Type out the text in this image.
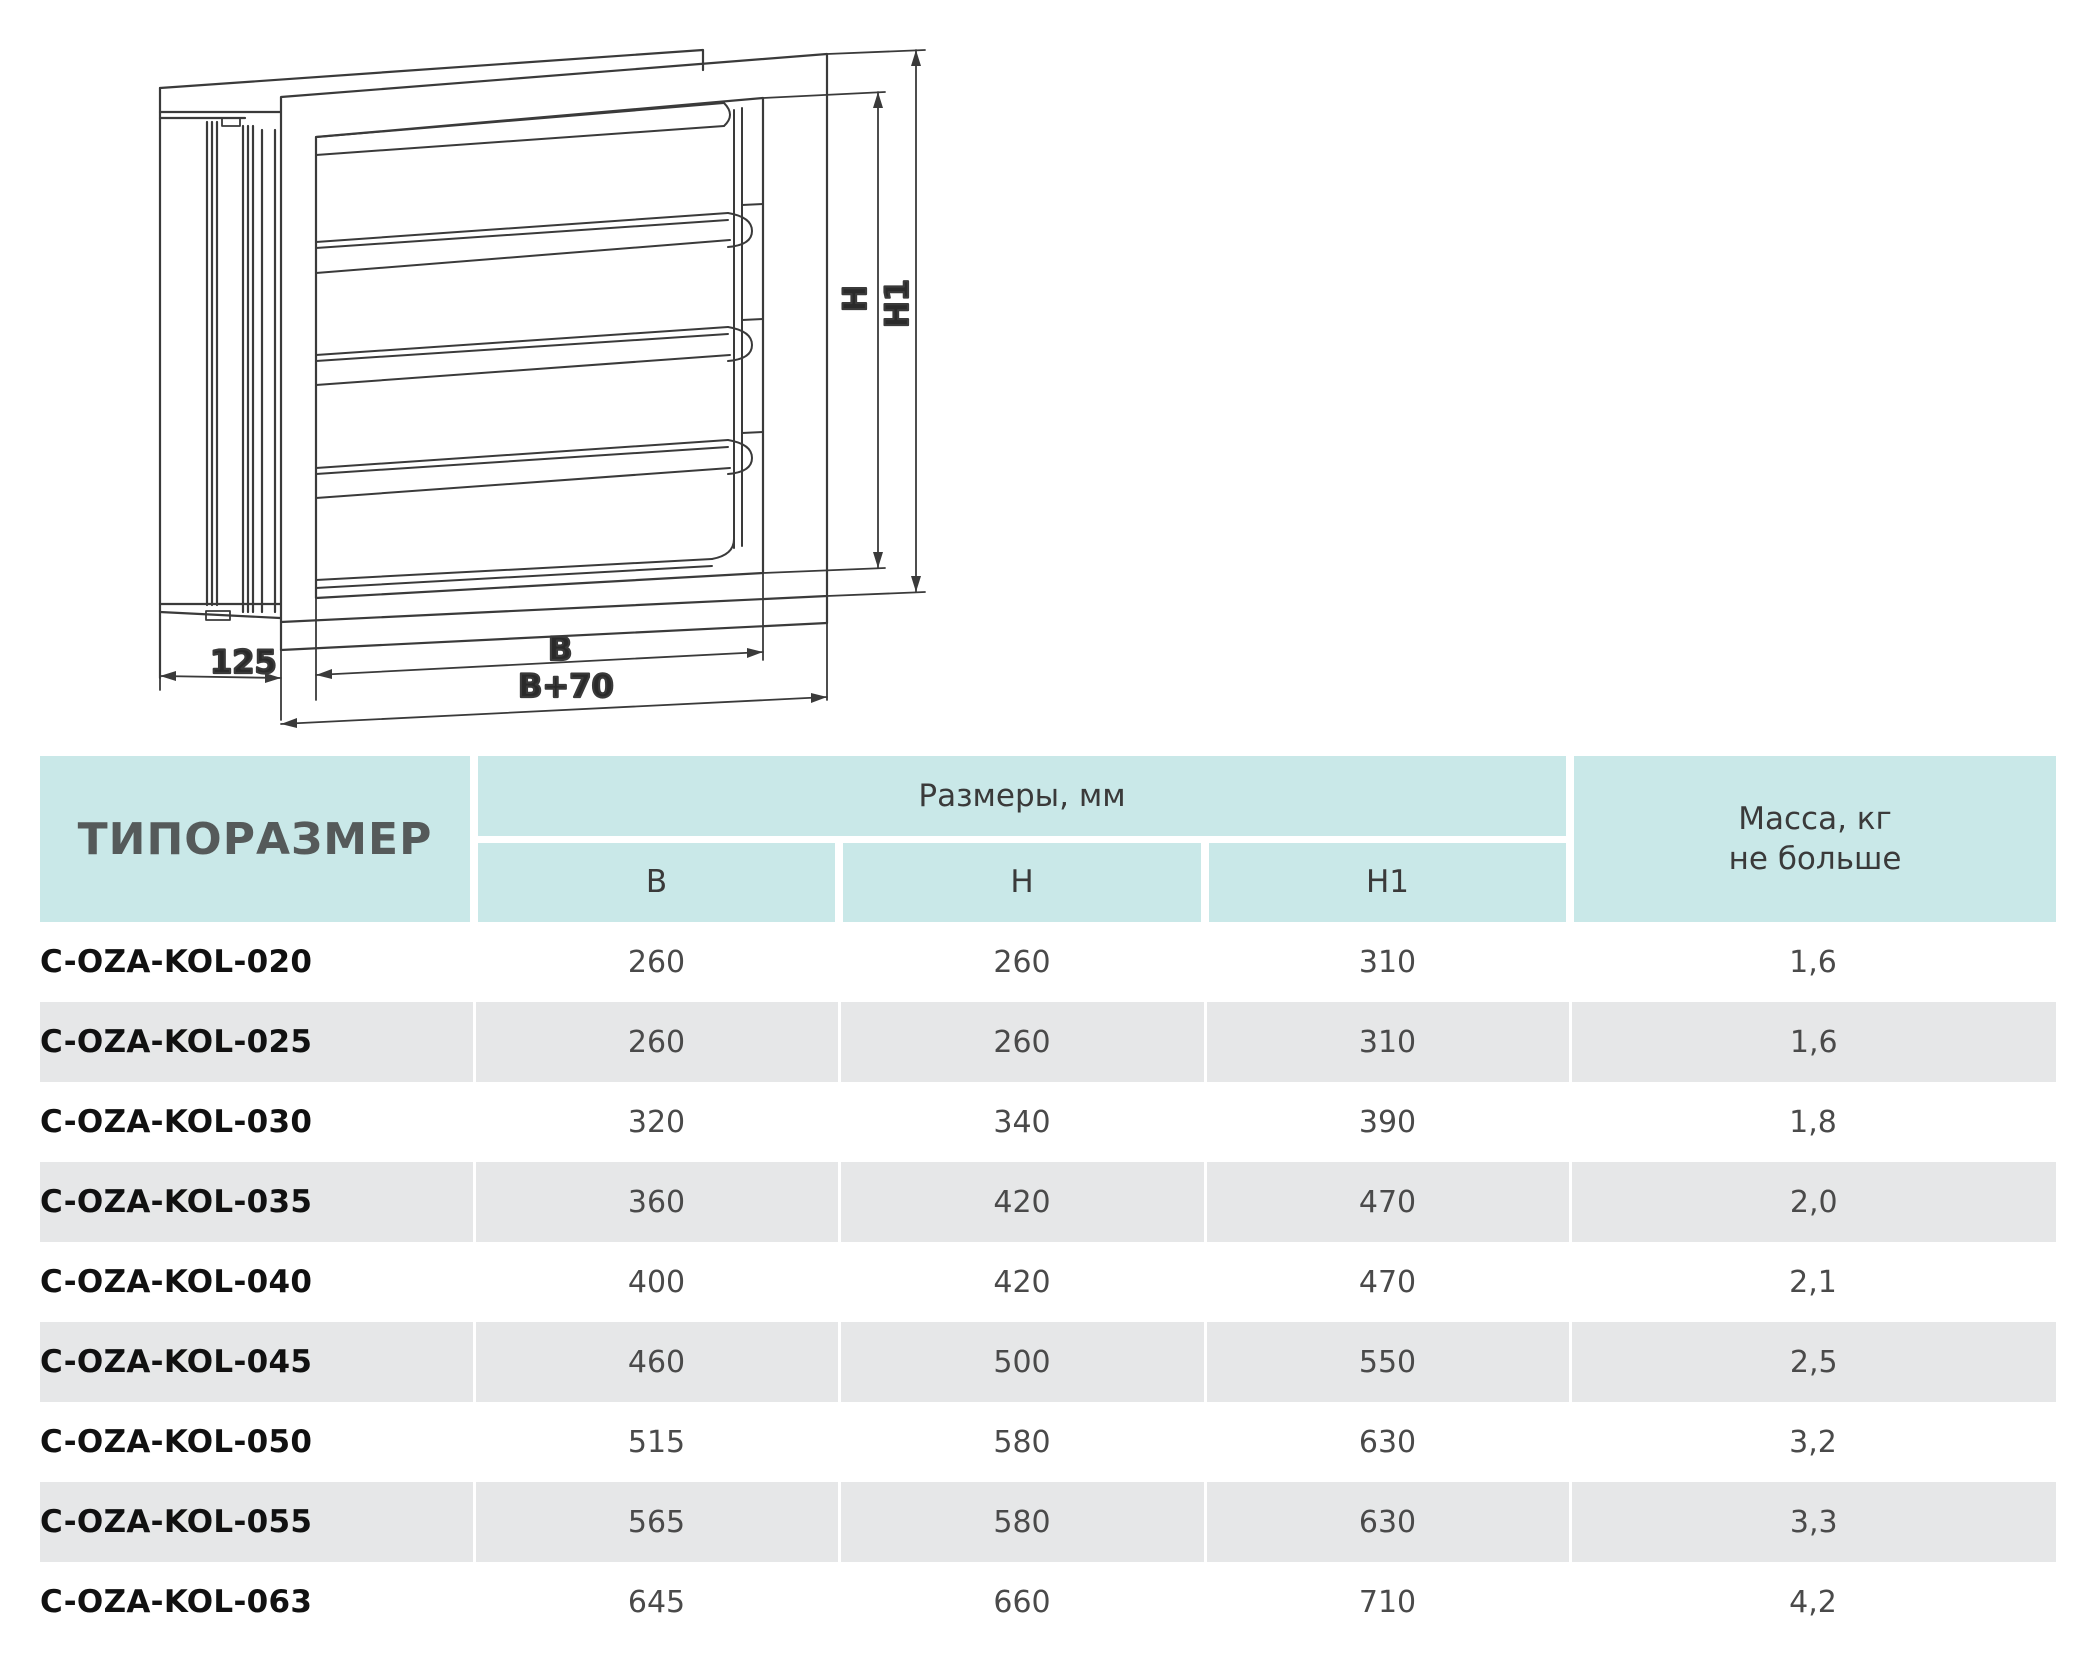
125	B
B+70
H H1
ТИПОРАЗМЕР	Размеры, мм			Масса, кг
не больше

	B	H	H1	
C-OZA-KOL-020	260	260	310	1,6
C-OZA-KOL-025	260	260	310	1,6
C-OZA-KOL-030	320	340	390	1,8
C-OZA-KOL-035	360	420	470	2,0
C-OZA-KOL-040	400	420	470	2,1
C-OZA-KOL-045	460	500	550	2,5
C-OZA-KOL-050	515	580	630	3,2
C-OZA-KOL-055	565	580	630	3,3
C-OZA-KOL-063	645	660	710	4,2
